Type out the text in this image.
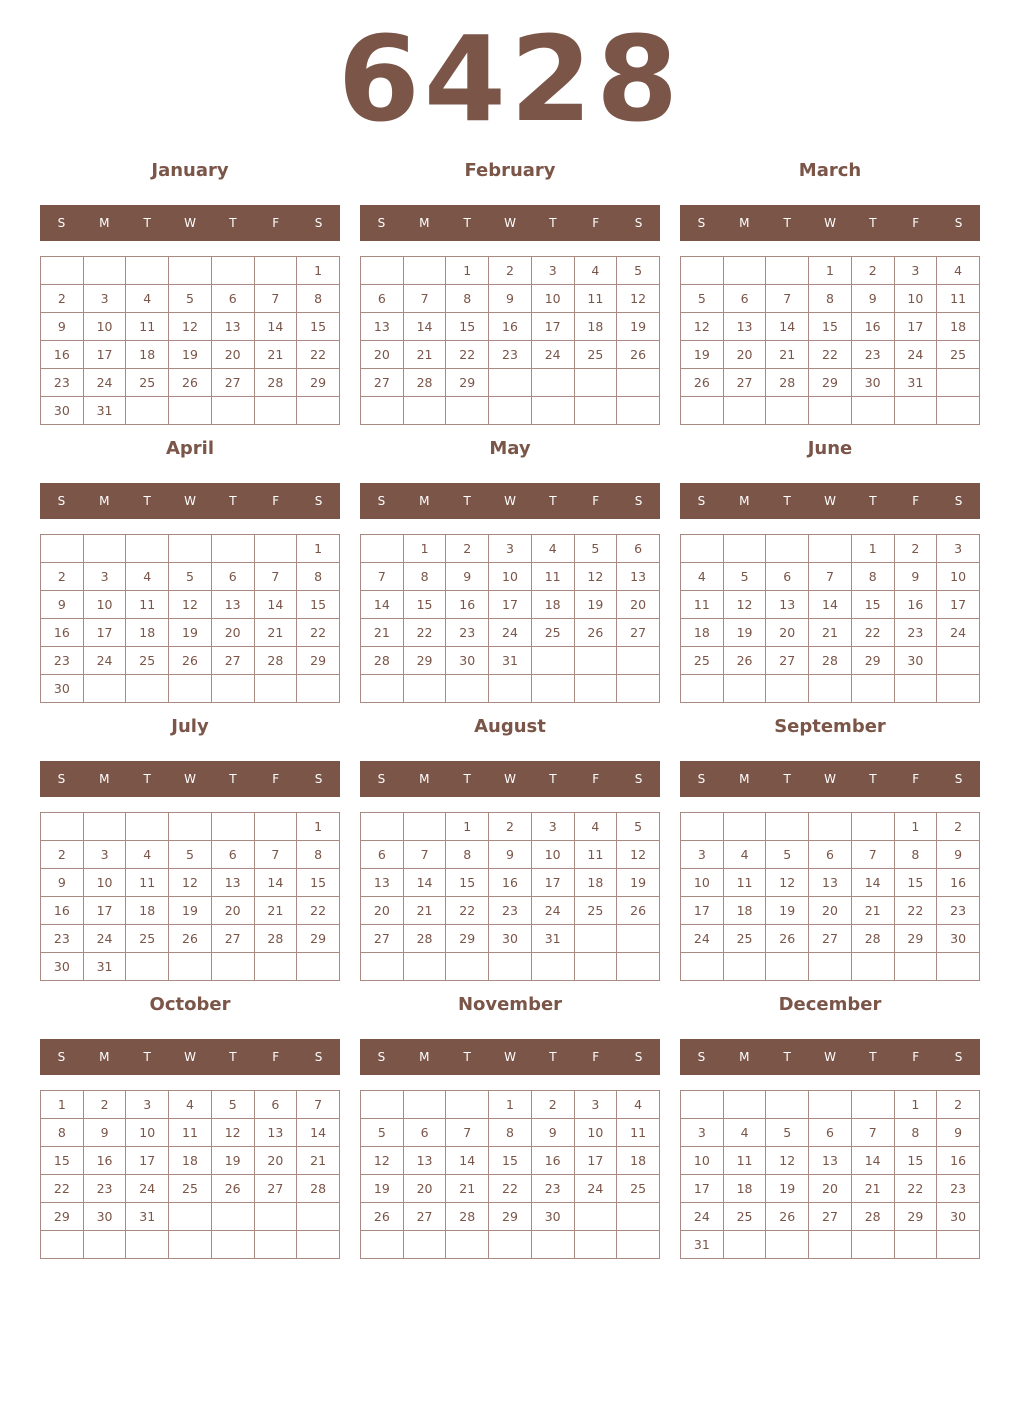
6428
January
S	M	T	W	T	F	S
						1
2	3	4	5	6	7	8
9	10	11	12	13	14	15
16	17	18	19	20	21	22
23	24	25	26	27	28	29
30	31					
February
S	M	T	W	T	F	S
		1	2	3	4	5
6	7	8	9	10	11	12
13	14	15	16	17	18	19
20	21	22	23	24	25	26
27	28	29				

March
S	M	T	W	T	F	S
			1	2	3	4
5	6	7	8	9	10	11
12	13	14	15	16	17	18
19	20	21	22	23	24	25
26	27	28	29	30	31	

April
S	M	T	W	T	F	S
						1
2	3	4	5	6	7	8
9	10	11	12	13	14	15
16	17	18	19	20	21	22
23	24	25	26	27	28	29
30						
May
S	M	T	W	T	F	S
	1	2	3	4	5	6
7	8	9	10	11	12	13
14	15	16	17	18	19	20
21	22	23	24	25	26	27
28	29	30	31			

June
S	M	T	W	T	F	S
				1	2	3
4	5	6	7	8	9	10
11	12	13	14	15	16	17
18	19	20	21	22	23	24
25	26	27	28	29	30	

July
S	M	T	W	T	F	S
						1
2	3	4	5	6	7	8
9	10	11	12	13	14	15
16	17	18	19	20	21	22
23	24	25	26	27	28	29
30	31					
August
S	M	T	W	T	F	S
		1	2	3	4	5
6	7	8	9	10	11	12
13	14	15	16	17	18	19
20	21	22	23	24	25	26
27	28	29	30	31		

September
S	M	T	W	T	F	S
					1	2
3	4	5	6	7	8	9
10	11	12	13	14	15	16
17	18	19	20	21	22	23
24	25	26	27	28	29	30

October
S	M	T	W	T	F	S
1	2	3	4	5	6	7
8	9	10	11	12	13	14
15	16	17	18	19	20	21
22	23	24	25	26	27	28
29	30	31				

November
S	M	T	W	T	F	S
			1	2	3	4
5	6	7	8	9	10	11
12	13	14	15	16	17	18
19	20	21	22	23	24	25
26	27	28	29	30		

December
S	M	T	W	T	F	S
					1	2
3	4	5	6	7	8	9
10	11	12	13	14	15	16
17	18	19	20	21	22	23
24	25	26	27	28	29	30
31						
